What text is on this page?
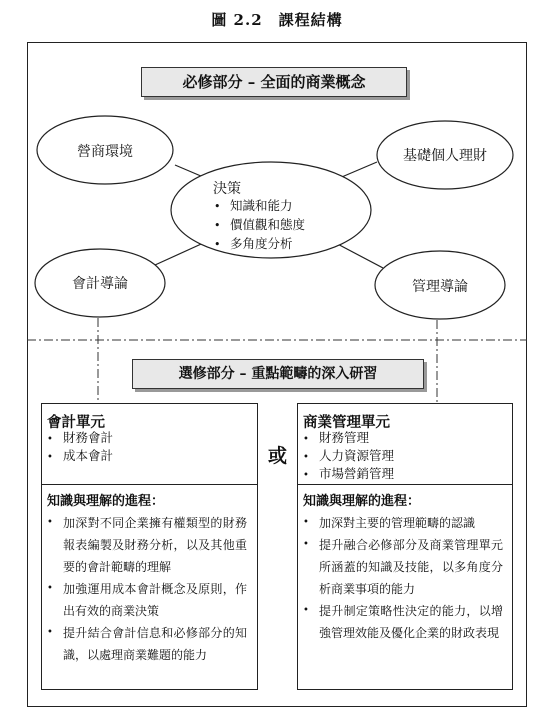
圖 2.2　課程結構
必修部分 – 全面的商業概念
營商環境	基礎個人理財
會計導論	管理導論
決策
• 知識和能力
• 價值觀和態度
• 多角度分析
選修部分 – 重點範疇的深入研習
會計單元
• 財務會計
• 成本會計
知識與理解的進程：
• 加深對不同企業擁有權類型的財務報表編製及財務分析，以及其他重要的會計範疇的理解
• 加強運用成本會計概念及原則，作出有效的商業決策
• 提升結合會計信息和必修部分的知識，以處理商業難題的能力
或
商業管理單元
• 財務管理
• 人力資源管理
• 市場營銷管理
知識與理解的進程：
• 加深對主要的管理範疇的認識
• 提升融合必修部分及商業管理單元所涵蓋的知識及技能，以多角度分析商業事項的能力
• 提升制定策略性決定的能力，以增強管理效能及優化企業的財政表現
